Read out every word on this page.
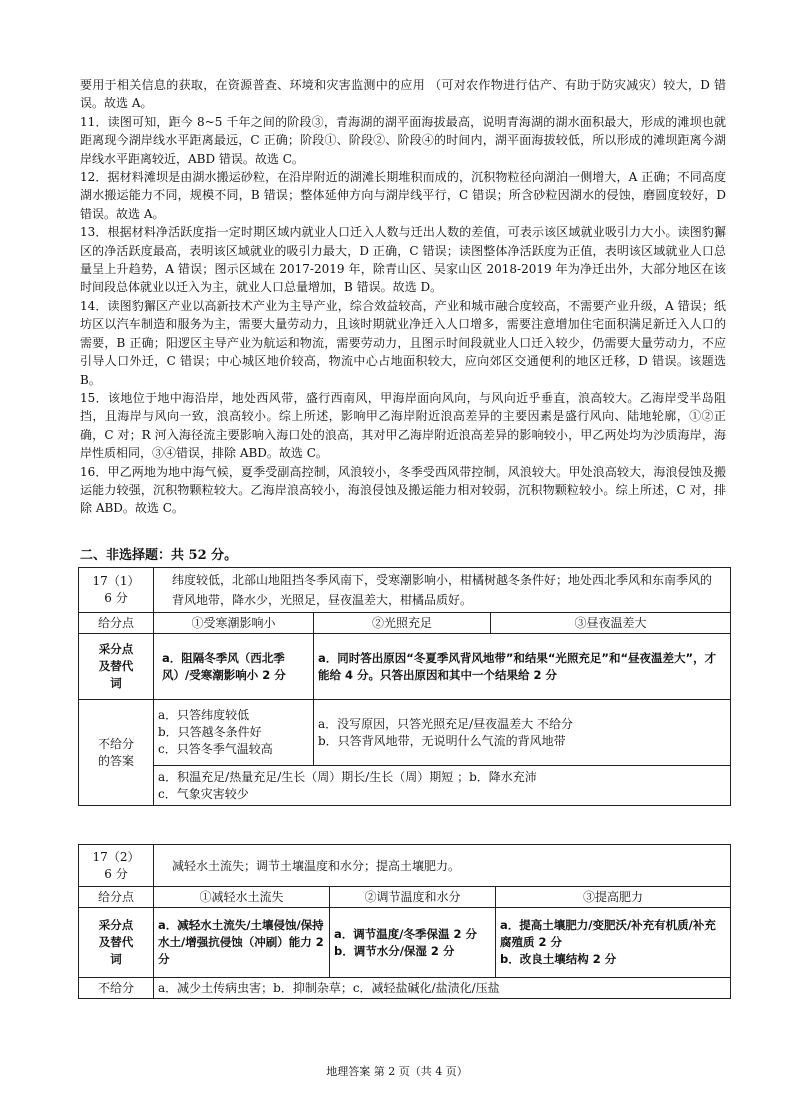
要用于相关信息的获取，在资源普查、环境和灾害监测中的应用 （可对农作物进行估产、有助于防灾减灾）较大，D 错误。故选 A。

11．读图可知，距今 8~5 千年之间的阶段③，青海湖的湖平面海拔最高，说明青海湖的湖水面积最大，形成的滩坝也就距离现今湖岸线水平距离最远，C 正确；阶段①、阶段②、阶段④的时间内，湖平面海拔较低，所以形成的滩坝距离今湖岸线水平距离较近，ABD 错误。故选 C。

12．据材料滩坝是由湖水搬运砂粒，在沿岸附近的湖滩长期堆积而成的，沉积物粒径向湖泊一侧增大，A 正确；不同高度湖水搬运能力不同，规模不同，B 错误；整体延伸方向与湖岸线平行，C 错误；所含砂粒因湖水的侵蚀，磨圆度较好，D 错误。故选 A。

13．根据材料净活跃度指一定时期区域内就业人口迁入人数与迁出人数的差值，可表示该区域就业吸引力大小。读图豹獬区的净活跃度最高，表明该区域就业的吸引力最大，D 正确，C 错误；读图整体净活跃度为正值，表明该区域就业人口总量呈上升趋势，A 错误；图示区域在 2017-2019 年，除青山区、吴家山区 2018-2019 年为净迁出外，大部分地区在该时间段总体就业以迁入为主，就业人口总量增加，B 错误。故选 D。

14．读图豹獬区产业以高新技术产业为主导产业，综合效益较高，产业和城市融合度较高，不需要产业升级，A 错误；纸坊区以汽车制造和服务为主，需要大量劳动力，且该时期就业净迁入人口增多，需要注意增加住宅面积满足新迁入人口的需要，B 正确；阳逻区主导产业为航运和物流，需要劳动力，且图示时间段就业人口迁入较少，仍需要大量劳动力，不应引导人口外迁，C 错误；中心城区地价较高，物流中心占地面积较大，应向郊区交通便利的地区迁移，D 错误。该题选 B。

15．该地位于地中海沿岸，地处西风带，盛行西南风，甲海岸面向风向，与风向近乎垂直，浪高较大。乙海岸受半岛阻挡，且海岸与风向一致，浪高较小。综上所述，影响甲乙海岸附近浪高差异的主要因素是盛行风向、陆地轮廓，①②正确，C 对；R 河入海径流主要影响入海口处的浪高，其对甲乙海岸附近浪高差异的影响较小，甲乙两处均为沙质海岸，海岸性质相同，③④错误，排除 ABD。故选 C。

16．甲乙两地为地中海气候，夏季受副高控制，风浪较小，冬季受西风带控制，风浪较大。甲处浪高较大，海浪侵蚀及搬运能力较强，沉积物颗粒较大。乙海岸浪高较小，海浪侵蚀及搬运能力相对较弱，沉积物颗粒较小。综上所述，C 对，排除 ABD。故选 C。

二、非选择题：共 52 分。
17（1）
6 分	纬度较低，北部山地阻挡冬季风南下，受寒潮影响小，柑橘树越冬条件好；地处西北季风和东南季风的背风地带，降水少，光照足，昼夜温差大，柑橘品质好。		
给分点	①受寒潮影响小	②光照充足	③昼夜温差大

采分点
及替代
词	a．阻隔冬季风（西北季风）/受寒潮影响小 2 分	a．同时答出原因“冬夏季风背风地带”和结果“光照充足”和“昼夜温差大”，才能给 4 分。只答出原因和其中一个结果给 2 分	

不给分
的答案	a．只答纬度较低
b．只答越冬条件好
c．只答冬季气温较高	a．没写原因，只答光照充足/昼夜温差大 不给分
b．只答背风地带，无说明什么气流的背风地带	

	a．积温充足/热量充足/生长（周）期长/生长（周）期短 ；b．降水充沛
c．气象灾害较少		
17（2）
6 分	减轻水土流失；调节土壤温度和水分；提高土壤肥力。		
给分点	①减轻水土流失	②调节温度和水分	③提高肥力

采分点
及替代
词	a．减轻水土流失/土壤侵蚀/保持水土/增强抗侵蚀（冲刷）能力 2 分	a．调节温度/冬季保温 2 分
b．调节水分/保湿 2 分	a．提高土壤肥力/变肥沃/补充有机质/补充腐殖质 2 分
b．改良土壤结构 2 分

不给分	a．减少土传病虫害；b．抑制杂草；c．减轻盐碱化/盐渍化/压盐		
地理答案 第 2 页（共 4 页）
